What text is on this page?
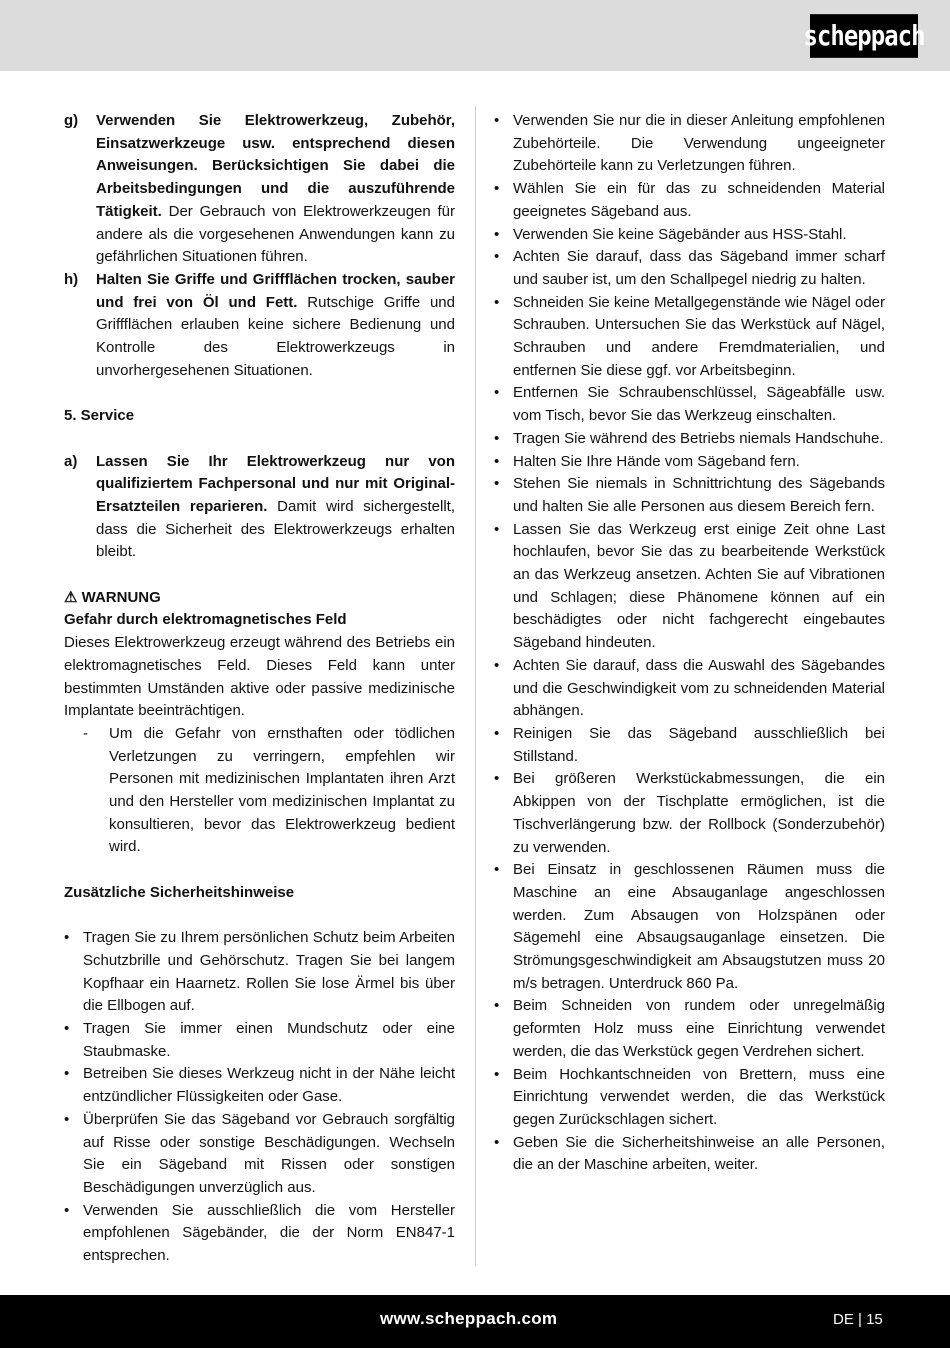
scheppach
g)	Verwenden Sie Elektrowerkzeug, Zubehör, Einsatzwerkzeuge usw. entsprechend diesen Anweisungen. Berücksichtigen Sie dabei die Arbeitsbedingungen und die auszuführende Tätigkeit. Der Gebrauch von Elektrowerkzeugen für andere als die vorgesehenen Anwendungen kann zu gefährlichen Situationen führen.
h)	Halten Sie Griffe und Griffflächen trocken, sauber und frei von Öl und Fett. Rutschige Griffe und Griffflächen erlauben keine sichere Bedienung und Kontrolle des Elektrowerkzeugs in unvorhergesehenen Situationen.
5. Service
a)	Lassen Sie Ihr Elektrowerkzeug nur von qualifiziertem Fachpersonal und nur mit Original-Ersatzteilen reparieren. Damit wird sichergestellt, dass die Sicherheit des Elektrowerkzeugs erhalten bleibt.
⚠ WARNUNG
Gefahr durch elektromagnetisches Feld

Dieses Elektrowerkzeug erzeugt während des Betriebs ein elektromagnetisches Feld. Dieses Feld kann unter bestimmten Umständen aktive oder passive medizinische Implantate beeinträchtigen.

-	Um die Gefahr von ernsthaften oder tödlichen Verletzungen zu verringern, empfehlen wir Personen mit medizinischen Implantaten ihren Arzt und den Hersteller vom medizinischen Implantat zu konsultieren, bevor das Elektrowerkzeug bedient wird.
Zusätzliche Sicherheitshinweise
• Tragen Sie zu Ihrem persönlichen Schutz beim Arbeiten Schutzbrille und Gehörschutz. Tragen Sie bei langem Kopfhaar ein Haarnetz. Rollen Sie lose Ärmel bis über die Ellbogen auf.
• Tragen Sie immer einen Mundschutz oder eine Staubmaske.
• Betreiben Sie dieses Werkzeug nicht in der Nähe leicht entzündlicher Flüssigkeiten oder Gase.
• Überprüfen Sie das Sägeband vor Gebrauch sorgfältig auf Risse oder sonstige Beschädigungen. Wechseln Sie ein Sägeband mit Rissen oder sonstigen Beschädigungen unverzüglich aus.
• Verwenden Sie ausschließlich die vom Hersteller empfohlenen Sägebänder, die der Norm EN847-1 entsprechen.
• Verwenden Sie nur die in dieser Anleitung empfohlenen Zubehörteile. Die Verwendung ungeeigneter Zubehörteile kann zu Verletzungen führen.
• Wählen Sie ein für das zu schneidenden Material geeignetes Sägeband aus.
• Verwenden Sie keine Sägebänder aus HSS-Stahl.
• Achten Sie darauf, dass das Sägeband immer scharf und sauber ist, um den Schallpegel niedrig zu halten.
• Schneiden Sie keine Metallgegenstände wie Nägel oder Schrauben. Untersuchen Sie das Werkstück auf Nägel, Schrauben und andere Fremdmaterialien, und entfernen Sie diese ggf. vor Arbeitsbeginn.
• Entfernen Sie Schraubenschlüssel, Sägeabfälle usw. vom Tisch, bevor Sie das Werkzeug einschalten.
• Tragen Sie während des Betriebs niemals Handschuhe.
• Halten Sie Ihre Hände vom Sägeband fern.
• Stehen Sie niemals in Schnittrichtung des Sägebands und halten Sie alle Personen aus diesem Bereich fern.
• Lassen Sie das Werkzeug erst einige Zeit ohne Last hochlaufen, bevor Sie das zu bearbeitende Werkstück an das Werkzeug ansetzen. Achten Sie auf Vibrationen und Schlagen; diese Phänomene können auf ein beschädigtes oder nicht fachgerecht eingebautes Sägeband hindeuten.
• Achten Sie darauf, dass die Auswahl des Sägebandes und die Geschwindigkeit vom zu schneidenden Material abhängen.
• Reinigen Sie das Sägeband ausschließlich bei Stillstand.
• Bei größeren Werkstückabmessungen, die ein Abkippen von der Tischplatte ermöglichen, ist die Tischverlängerung bzw. der Rollbock (Sonderzubehör) zu verwenden.
• Bei Einsatz in geschlossenen Räumen muss die Maschine an eine Absauganlage angeschlossen werden. Zum Absaugen von Holzspänen oder Sägemehl eine Absaugsauganlage einsetzen. Die Strömungsgeschwindigkeit am Absaugstutzen muss 20 m/s betragen. Unterdruck 860 Pa.
• Beim Schneiden von rundem oder unregelmäßig geformten Holz muss eine Einrichtung verwendet werden, die das Werkstück gegen Verdrehen sichert.
• Beim Hochkantschneiden von Brettern, muss eine Einrichtung verwendet werden, die das Werkstück gegen Zurückschlagen sichert.
• Geben Sie die Sicherheitshinweise an alle Personen, die an der Maschine arbeiten, weiter.
www.scheppach.com	DE | 15
